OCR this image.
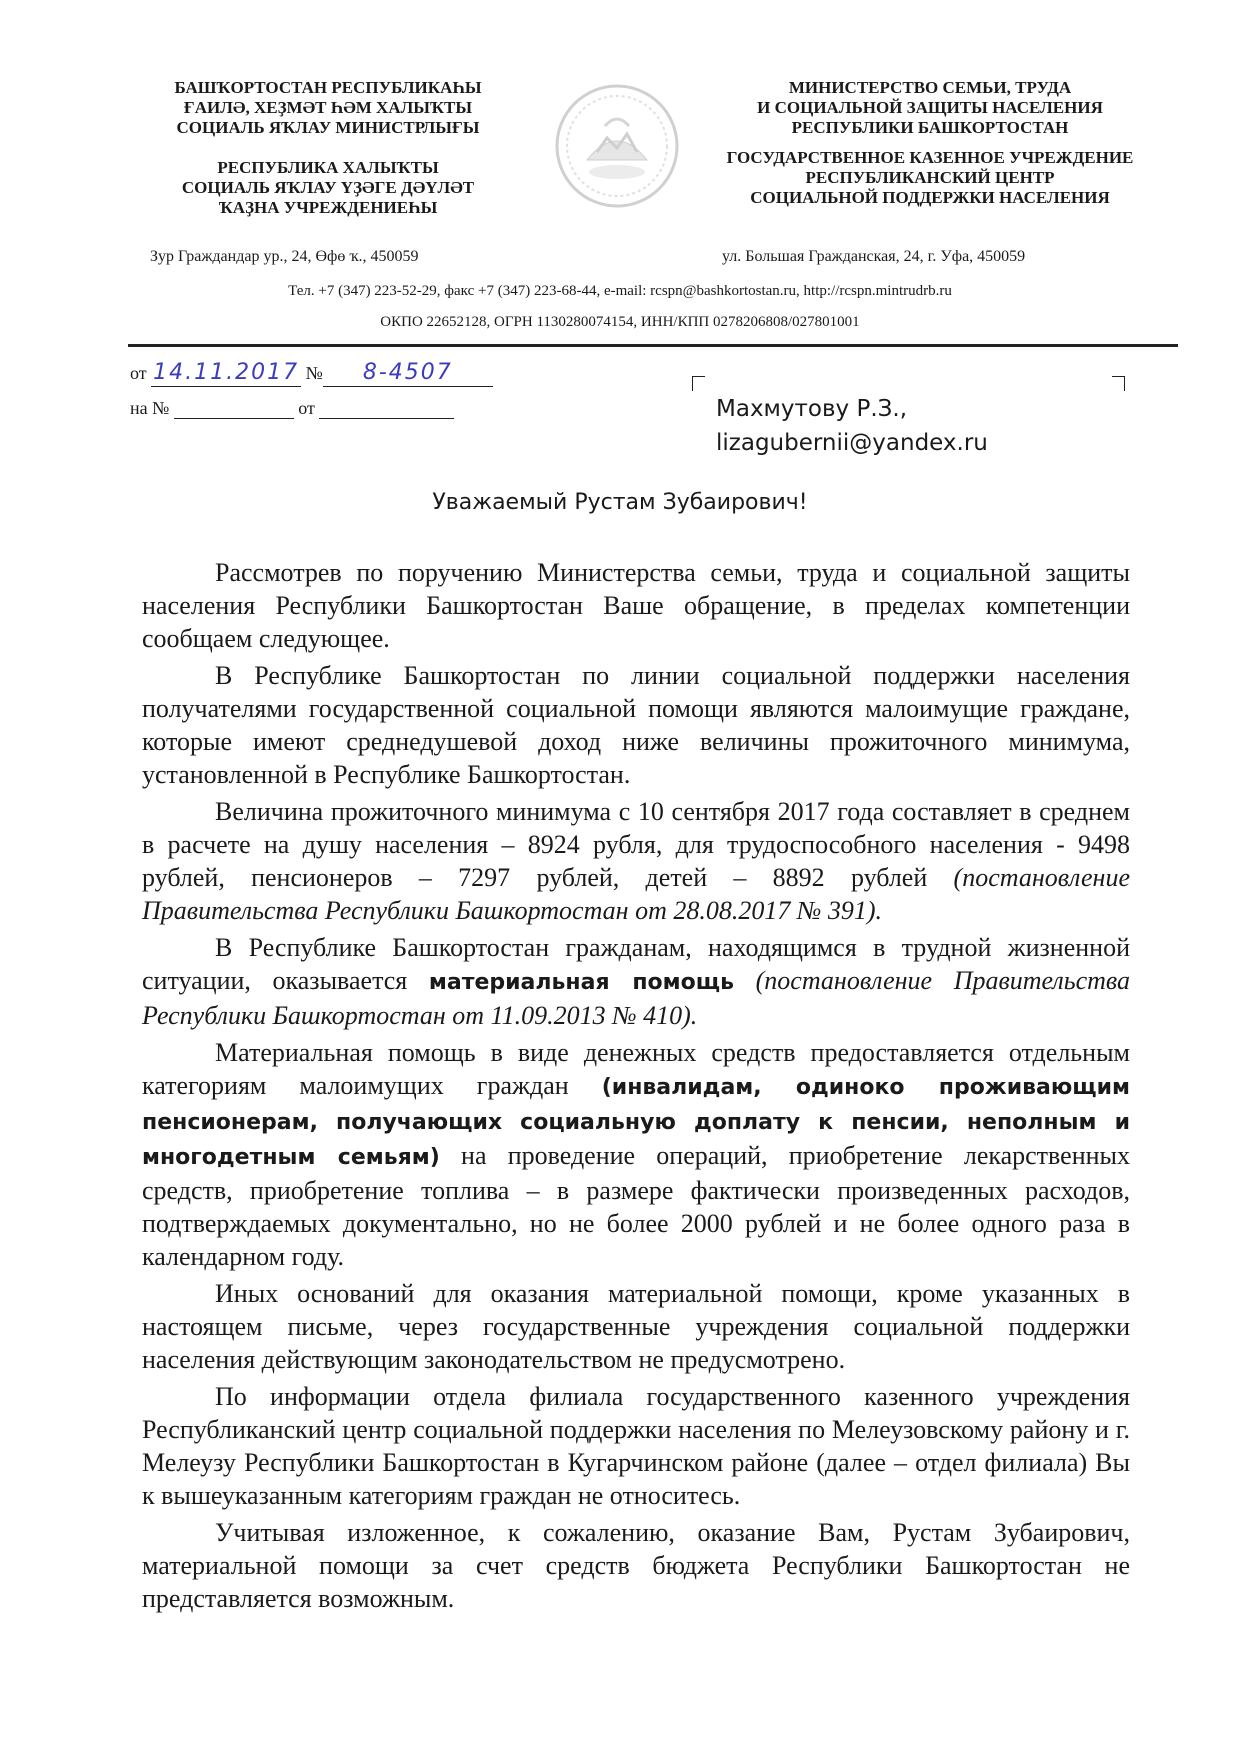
БАШҠОРТОСТАН РЕСПУБЛИКАҺЫ
ҒАИЛӘ, ХЕҘМӘТ ҺӘМ ХАЛЫҠТЫ
СОЦИАЛЬ ЯҠЛАУ МИНИСТРЛЫҒЫ
РЕСПУБЛИКА ХАЛЫҠТЫ
СОЦИАЛЬ ЯҠЛАУ ҮҘӘГЕ ДӘҮЛӘТ
ҠАҘНА УЧРЕЖДЕНИЕҺЫ
МИНИСТЕРСТВО СЕМЬИ, ТРУДА
И СОЦИАЛЬНОЙ ЗАЩИТЫ НАСЕЛЕНИЯ
РЕСПУБЛИКИ БАШКОРТОСТАН
ГОСУДАРСТВЕННОЕ КАЗЕННОЕ УЧРЕЖДЕНИЕ
РЕСПУБЛИКАНСКИЙ ЦЕНТР
СОЦИАЛЬНОЙ ПОДДЕРЖКИ НАСЕЛЕНИЯ
Зур Граждандар ур., 24, Өфө ҡ., 450059	ул. Большая Гражданская, 24, г. Уфа, 450059
Тел. +7 (347) 223-52-29, факс +7 (347) 223-68-44, e-mail: rcspn@bashkortostan.ru, http://rcspn.mintrudrb.ru
ОКПО 22652128, ОГРН 1130280074154, ИНН/КПП 0278206808/027801001
от 14.11.2017 № 8-4507
на №	от	Махмутову Р.З.,
lizagubernii@yandex.ru
Уважаемый Рустам Зубаирович!

Рассмотрев по поручению Министерства семьи, труда и социальной защиты населения Республики Башкортостан Ваше обращение, в пределах компетенции сообщаем следующее.

В Республике Башкортостан по линии социальной поддержки населения получателями государственной социальной помощи являются малоимущие граждане, которые имеют среднедушевой доход ниже величины прожиточного минимума, установленной в Республике Башкортостан.

Величина прожиточного минимума с 10 сентября 2017 года составляет в среднем в расчете на душу населения – 8924 рубля, для трудоспособного населения - 9498 рублей, пенсионеров – 7297 рублей, детей – 8892 рублей (постановление Правительства Республики Башкортостан от 28.08.2017 № 391).

В Республике Башкортостан гражданам, находящимся в трудной жизненной ситуации, оказывается материальная помощь (постановление Правительства Республики Башкортостан от 11.09.2013 № 410).

Материальная помощь в виде денежных средств предоставляется отдельным категориям малоимущих граждан (инвалидам, одиноко проживающим пенсионерам, получающих социальную доплату к пенсии, неполным и многодетным семьям) на проведение операций, приобретение лекарственных средств, приобретение топлива – в размере фактически произведенных расходов, подтверждаемых документально, но не более 2000 рублей и не более одного раза в календарном году.

Иных оснований для оказания материальной помощи, кроме указанных в настоящем письме, через государственные учреждения социальной поддержки населения действующим законодательством не предусмотрено.

По информации отдела филиала государственного казенного учреждения Республиканский центр социальной поддержки населения по Мелеузовскому району и г. Мелеузу Республики Башкортостан в Кугарчинском районе (далее – отдел филиала) Вы к вышеуказанным категориям граждан не относитесь.

Учитывая изложенное, к сожалению, оказание Вам, Рустам Зубаирович, материальной помощи за счет средств бюджета Республики Башкортостан не представляется возможным.
